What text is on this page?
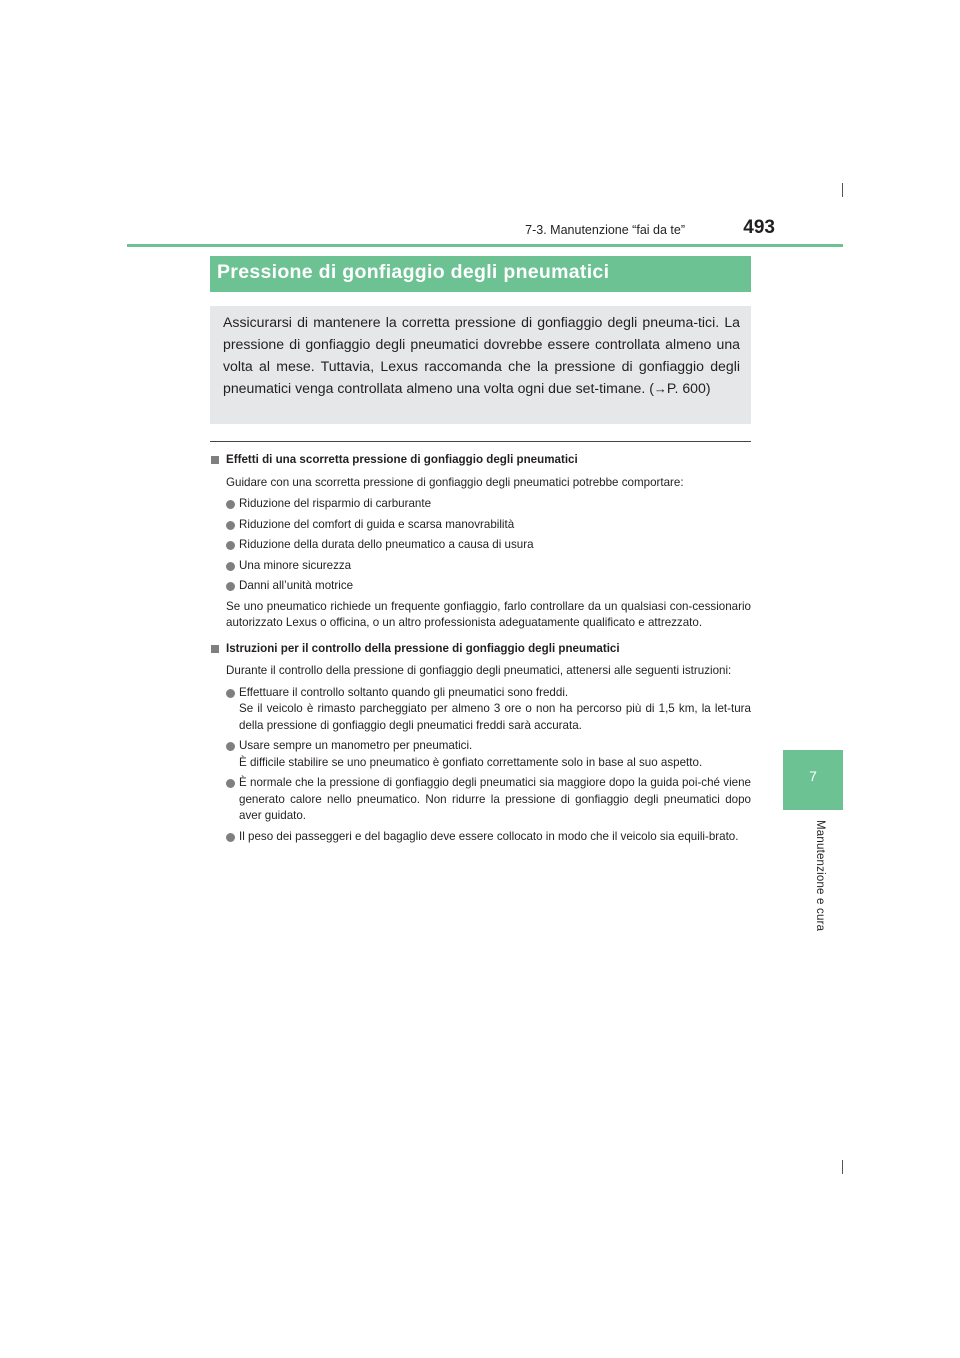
7-3. Manutenzione “fai da te”	493
7
Manutenzione e cura
Pressione di gonfiaggio degli pneumatici
Assicurarsi di mantenere la corretta pressione di gonfiaggio degli pneuma-tici. La pressione di gonfiaggio degli pneumatici dovrebbe essere controllata almeno una volta al mese. Tuttavia, Lexus raccomanda che la pressione di gonfiaggio degli pneumatici venga controllata almeno una volta ogni due set-timane. (→P. 600)
Effetti di una scorretta pressione di gonfiaggio degli pneumatici
Guidare con una scorretta pressione di gonfiaggio degli pneumatici potrebbe comportare:
Riduzione del risparmio di carburante
Riduzione del comfort di guida e scarsa manovrabilità
Riduzione della durata dello pneumatico a causa di usura
Una minore sicurezza
Danni all’unità motrice
Se uno pneumatico richiede un frequente gonfiaggio, farlo controllare da un qualsiasi con-cessionario autorizzato Lexus o officina, o un altro professionista adeguatamente qualificato e attrezzato.
Istruzioni per il controllo della pressione di gonfiaggio degli pneumatici
Durante il controllo della pressione di gonfiaggio degli pneumatici, attenersi alle seguenti istruzioni:
Effettuare il controllo soltanto quando gli pneumatici sono freddi.
Se il veicolo è rimasto parcheggiato per almeno 3 ore o non ha percorso più di 1,5 km, la let-tura della pressione di gonfiaggio degli pneumatici freddi sarà accurata.
Usare sempre un manometro per pneumatici.
È difficile stabilire se uno pneumatico è gonfiato correttamente solo in base al suo aspetto.
È normale che la pressione di gonfiaggio degli pneumatici sia maggiore dopo la guida poi-ché viene generato calore nello pneumatico. Non ridurre la pressione di gonfiaggio degli pneumatici dopo aver guidato.
Il peso dei passeggeri e del bagaglio deve essere collocato in modo che il veicolo sia equili-brato.
